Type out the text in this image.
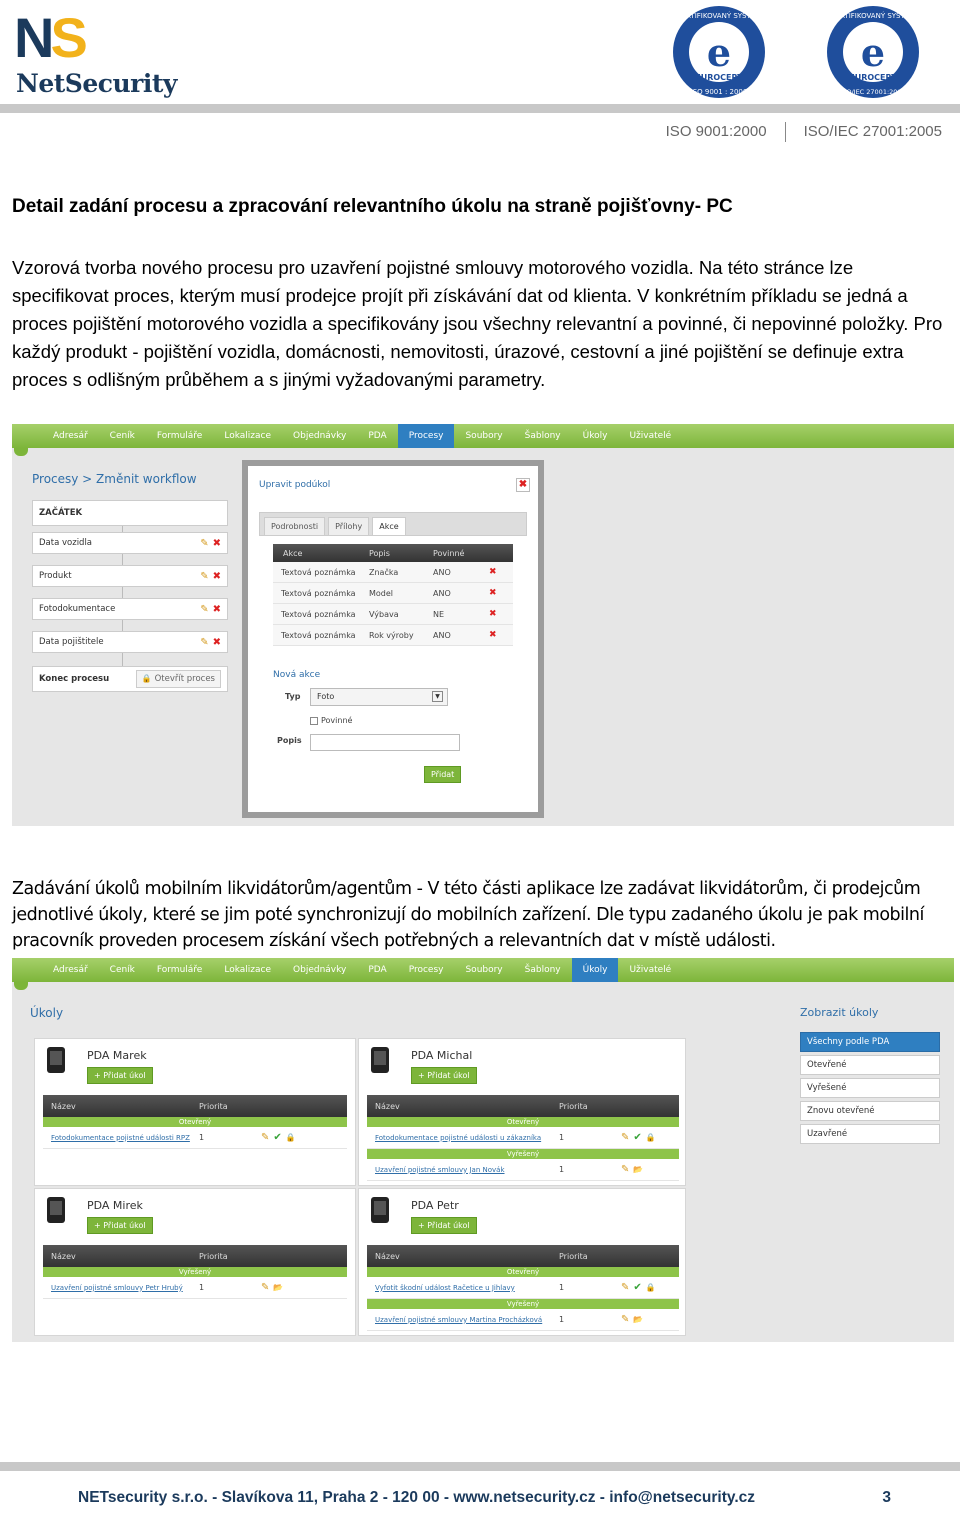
NS
NetSecurity
e
CERTIFIKOVANÝ SYSTÉM
EUROCERT
ISO 9001 : 2000
e
CERTIFIKOVANÝ SYSTÉM
EUROCERT
ISO/IEC 27001:2005
ISO 9001:2000 ISO/IEC 27001:2005
Detail zadání procesu a zpracování relevantního úkolu na straně pojišťovny- PC
Vzorová tvorba nového procesu pro uzavření pojistné smlouvy motorového vozidla. Na této stránce lze specifikovat proces, kterým musí prodejce projít při získávání dat od klienta. V konkrétním příkladu se jedná a proces pojištění motorového vozidla a specifikovány jsou všechny relevantní a povinné, či nepovinné položky. Pro každý produkt - pojištění vozidla, domácnosti, nemovitosti, úrazové, cestovní a jiné pojištění se definuje extra proces s odlišným průběhem a s jinými vyžadovanými parametry.
Adresář	Ceník	Formuláře	Lokalizace	Objednávky	PDA	Procesy	Soubory	Šablony	Úkoly	Uživatelé
Procesy > Změnit workflow	Upravit podúkol	✖
Podrobnosti	Přílohy	Akce
Akce	Popis	Povinné
Textová poznámka	Značka	ANO	✖
Textová poznámka	Model	ANO	✖
Textová poznámka	Výbava	NE	✖
Textová poznámka	Rok výroby	ANO	✖
Nová akce
Typ	Foto	▼
Povinné
Popis
Přidat
ZAČÁTEK
Data vozidla	✎ ✖
Produkt	✎ ✖
Fotodokumentace	✎ ✖
Data pojištitele	✎ ✖
Konec procesu	🔒 Otevřít proces
Zadávání úkolů mobilním likvidátorům/agentům - V této části aplikace lze zadávat likvidátorům, či prodejcům jednotlivé úkoly, které se jim poté synchronizují do mobilních zařízení. Dle typu zadaného úkolu je pak mobilní pracovník proveden procesem získání všech potřebných a relevantních dat v místě události.
Adresář	Ceník	Formuláře	Lokalizace	Objednávky	PDA	Procesy	Soubory	Šablony	Úkoly	Uživatelé
Úkoly	Zobrazit úkoly
Všechny podle PDA
Otevřené
Vyřešené
Znovu otevřené
Uzavřené
PDA Marek
+ Přidat úkol
Název	Priorita
Otevřený
Fotodokumentace pojistné události RPZ	1	✎ ✔ 🔒
PDA Michal
+ Přidat úkol
Název	Priorita
Otevřený
Fotodokumentace pojistné události u zákazníka	1	✎ ✔ 🔒
Vyřešený
Uzavření pojistné smlouvy Jan Novák	1	✎ 📂
PDA Mirek
+ Přidat úkol
Název	Priorita
Vyřešený
Uzavření pojistné smlouvy Petr Hrubý	1	✎ 📂
PDA Petr
+ Přidat úkol
Název	Priorita
Otevřený
Vyfotit škodní událost Račetice u Jihlavy	1	✎ ✔ 🔒
Vyřešený
Uzavření pojistné smlouvy Martina Procházková	1	✎ 📂
NETsecurity s.r.o. - Slavíkova 11, Praha 2 - 120 00 - www.netsecurity.cz - info@netsecurity.cz	3
